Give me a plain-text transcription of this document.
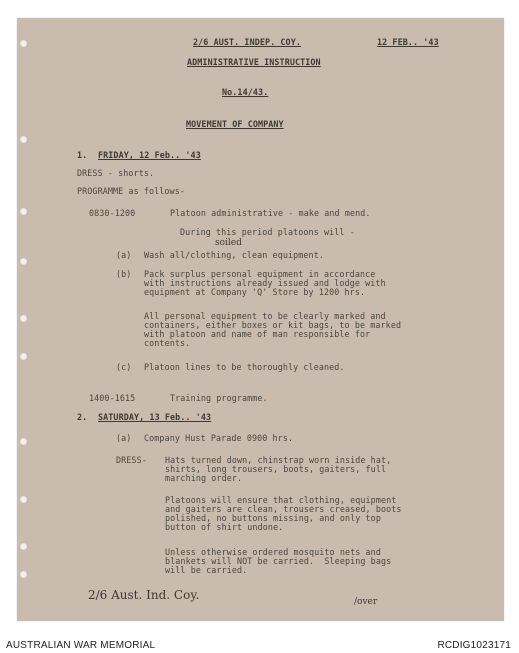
2/6 AUST. INDEP. COY.	12 FEB.. '43
ADMINISTRATIVE INSTRUCTION
No.14/43.
MOVEMENT OF COMPANY
1. FRIDAY, 12 Feb.. '43
DRESS - shorts.
PROGRAMME as follows-
0830-1200	Platoon administrative - make and mend.
During this period platoons will -
soiled
(a) Wash all/clothing, clean equipment.
(b) Pack surplus personal equipment in accordance
with instructions already issued and lodge with
equipment at Company 'Q' Store by 1200 hrs.
All personal equipment to be clearly marked and
containers, either boxes or kit bags, to be marked
with platoon and name of man responsible for
contents.
(c) Platoon lines to be thoroughly cleaned.
1400-1615	Training programme.
2. SATURDAY, 13 Feb.. '43
(a) Company Hust Parade 0900 hrs.
DRESS- Hats turned down, chinstrap worn inside hat,
shirts, long trousers, boots, gaiters, full
marching order.
Platoons will ensure that clothing, equipment
and gaiters are clean, trousers creased, boots
polished, no buttons missing, and only top
button of shirt undone.
Unless otherwise ordered mosquito nets and
blankets will NOT be carried.  Sleeping bags
will be carried.
2/6 Aust. Ind. Coy.	/over
AUSTRALIAN WAR MEMORIAL	RCDIG1023171
